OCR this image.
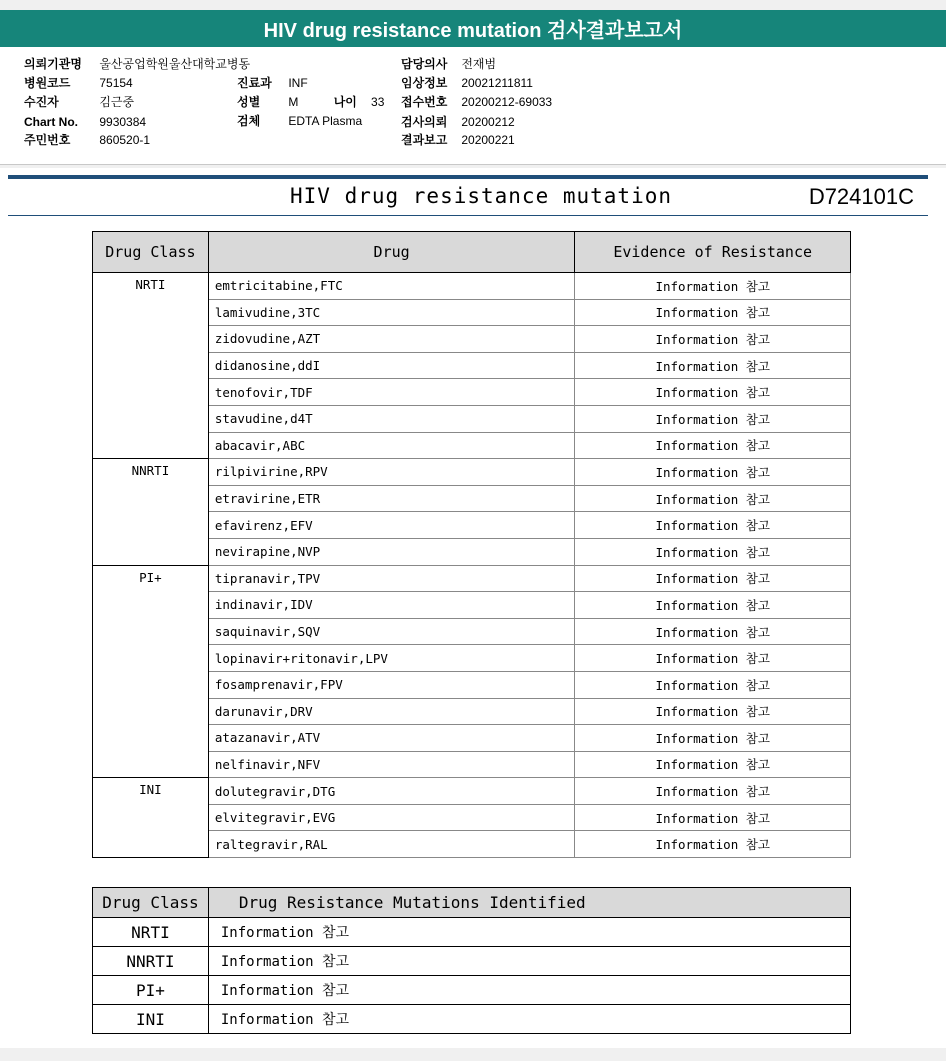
HIV drug resistance mutation 검사결과보고서
의뢰기관명 울산공업학원울산대학교병동
병원코드 75154
수진자	김근중
Chart No. 9930384
주민번호 860520-1
진료과 INF
성별 M	나이 33
검체 EDTA Plasma
담당의사 전재범
임상정보 20021211811
접수번호 20200212-69033
검사의뢰 20200212
결과보고 20200221
HIV drug resistance mutation	D724101C
Drug Class	Drug	Evidence of Resistance
NRTI	emtricitabine,FTC	Information 참고
	lamivudine,3TC	Information 참고
	zidovudine,AZT	Information 참고
	didanosine,ddI	Information 참고
	tenofovir,TDF	Information 참고
	stavudine,d4T	Information 참고
	abacavir,ABC	Information 참고
NNRTI	rilpivirine,RPV	Information 참고
	etravirine,ETR	Information 참고
	efavirenz,EFV	Information 참고
	nevirapine,NVP	Information 참고
PI+	tipranavir,TPV	Information 참고
	indinavir,IDV	Information 참고
	saquinavir,SQV	Information 참고
	lopinavir+ritonavir,LPV	Information 참고
	fosamprenavir,FPV	Information 참고
	darunavir,DRV	Information 참고
	atazanavir,ATV	Information 참고
	nelfinavir,NFV	Information 참고
INI	dolutegravir,DTG	Information 참고
	elvitegravir,EVG	Information 참고
	raltegravir,RAL	Information 참고
Drug Class	Drug Resistance Mutations Identified
NRTI	Information 참고
NNRTI	Information 참고
PI+	Information 참고
INI	Information 참고
